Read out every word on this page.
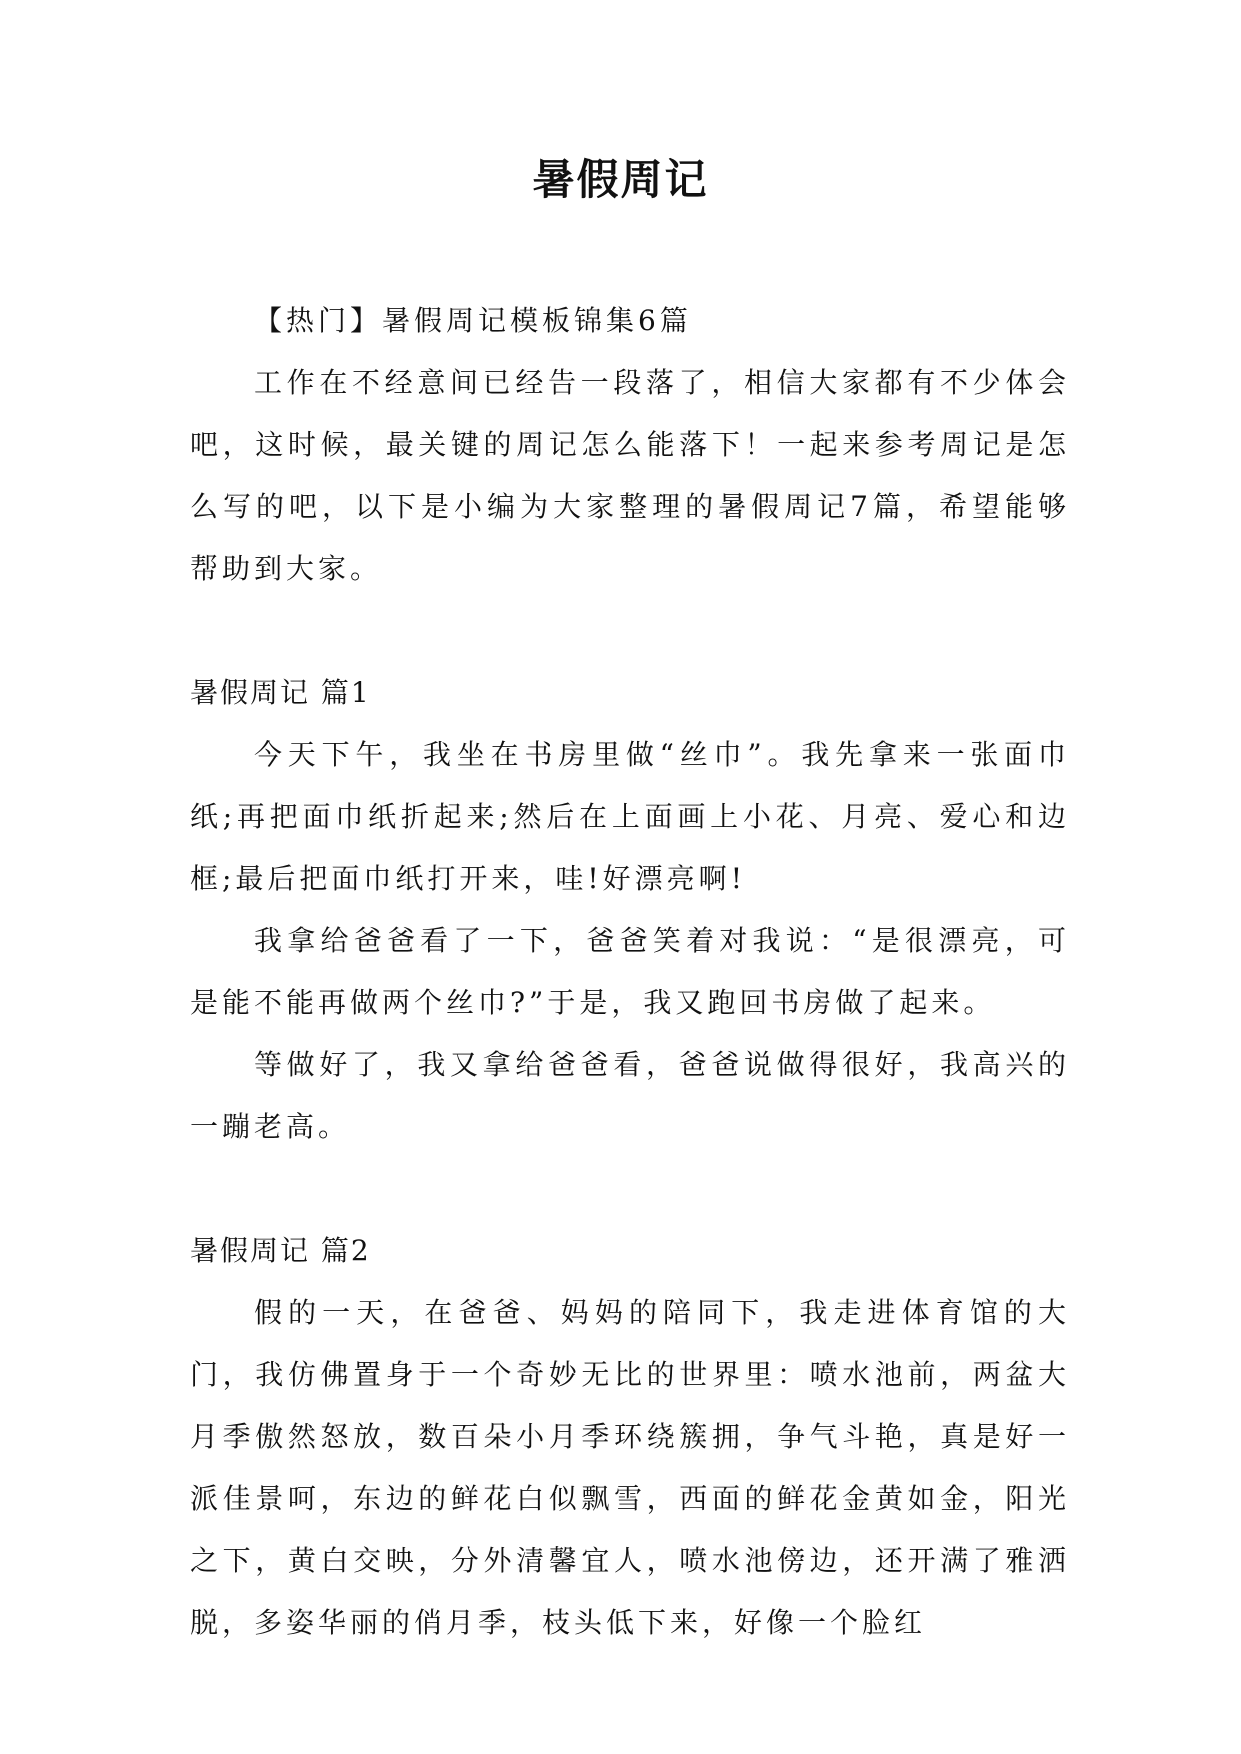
暑假周记

【热门】暑假周记模板锦集6篇

工作在不经意间已经告一段落了，相信大家都有不少体会吧，这时候，最关键的周记怎么能落下！一起来参考周记是怎么写的吧，以下是小编为大家整理的暑假周记7篇，希望能够帮助到大家。

暑假周记 篇1

今天下午，我坐在书房里做“丝巾”。我先拿来一张面巾纸;再把面巾纸折起来;然后在上面画上小花、月亮、爱心和边框;最后把面巾纸打开来，哇!好漂亮啊!

我拿给爸爸看了一下，爸爸笑着对我说：“是很漂亮，可是能不能再做两个丝巾?”于是，我又跑回书房做了起来。

等做好了，我又拿给爸爸看，爸爸说做得很好，我高兴的一蹦老高。

暑假周记 篇2

假的一天，在爸爸、妈妈的陪同下，我走进体育馆的大门，我仿佛置身于一个奇妙无比的世界里：喷水池前，两盆大月季傲然怒放，数百朵小月季环绕簇拥，争气斗艳，真是好一派佳景呵，东边的鲜花白似飘雪，西面的鲜花金黄如金，阳光之下，黄白交映，分外清馨宜人，喷水池傍边，还开满了雅洒脱，多姿华丽的俏月季，枝头低下来，好像一个脸红
